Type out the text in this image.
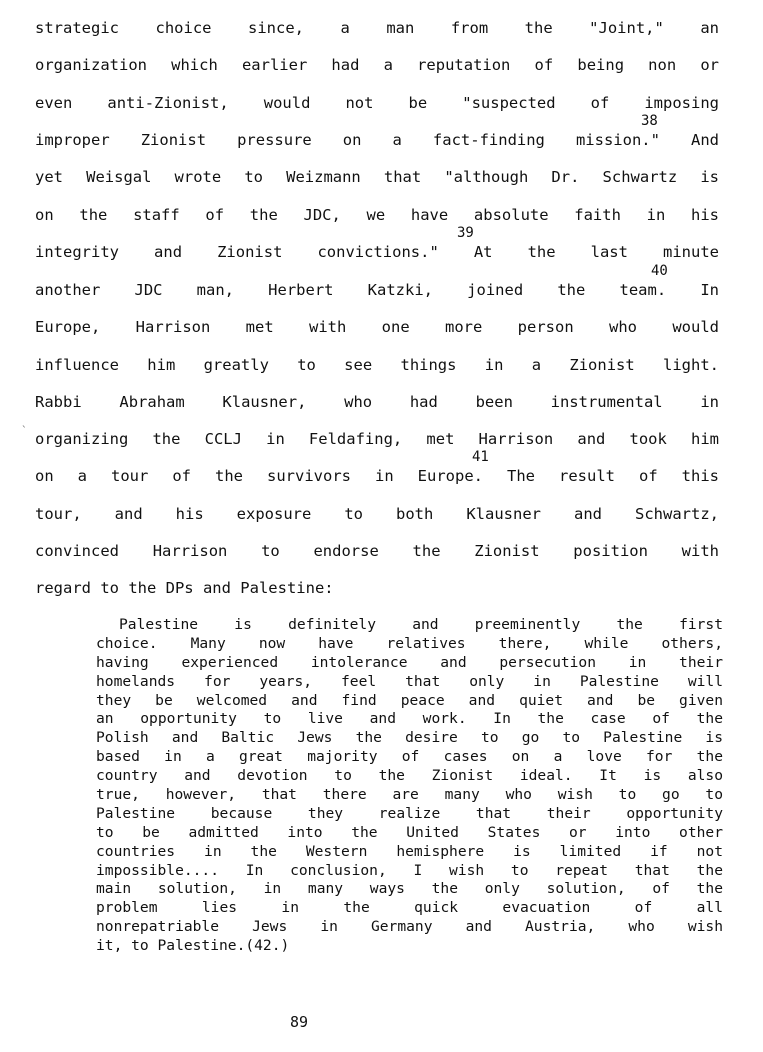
strategic choice since, a man from the "Joint," an
organization which earlier had a reputation of being non or
even anti-Zionist, would not be "suspected of imposing
improper Zionist pressure on a fact-finding mission." And
yet Weisgal wrote to Weizmann that "although Dr. Schwartz is
on the staff of the JDC, we have absolute faith in his
integrity and Zionist convictions." At the last minute
another JDC man, Herbert Katzki, joined the team. In
Europe, Harrison met with one more person who would
influence him greatly to see things in a Zionist light.
Rabbi Abraham Klausner, who had been instrumental in
organizing the CCLJ in Feldafing, met Harrison and took him
on a tour of the survivors in Europe. The result of this
tour, and his exposure to both Klausner and Schwartz,
convinced Harrison to endorse the Zionist position with
regard to the DPs and Palestine:
38
39
40
41
`
Palestine is definitely and preeminently the first
choice. Many now have relatives there, while others,
having experienced intolerance and persecution in their
homelands for years, feel that only in Palestine will
they be welcomed and find peace and quiet and be given
an opportunity to live and work. In the case of the
Polish and Baltic Jews the desire to go to Palestine is
based in a great majority of cases on a love for the
country and devotion to the Zionist ideal. It is also
true, however, that there are many who wish to go to
Palestine because they realize that their opportunity
to be admitted into the United States or into other
countries in the Western hemisphere is limited if not
impossible.... In conclusion, I wish to repeat that the
main solution, in many ways the only solution, of the
problem lies in the quick evacuation of all
nonrepatriable Jews in Germany and Austria, who wish
it, to Palestine.(42.)
89
